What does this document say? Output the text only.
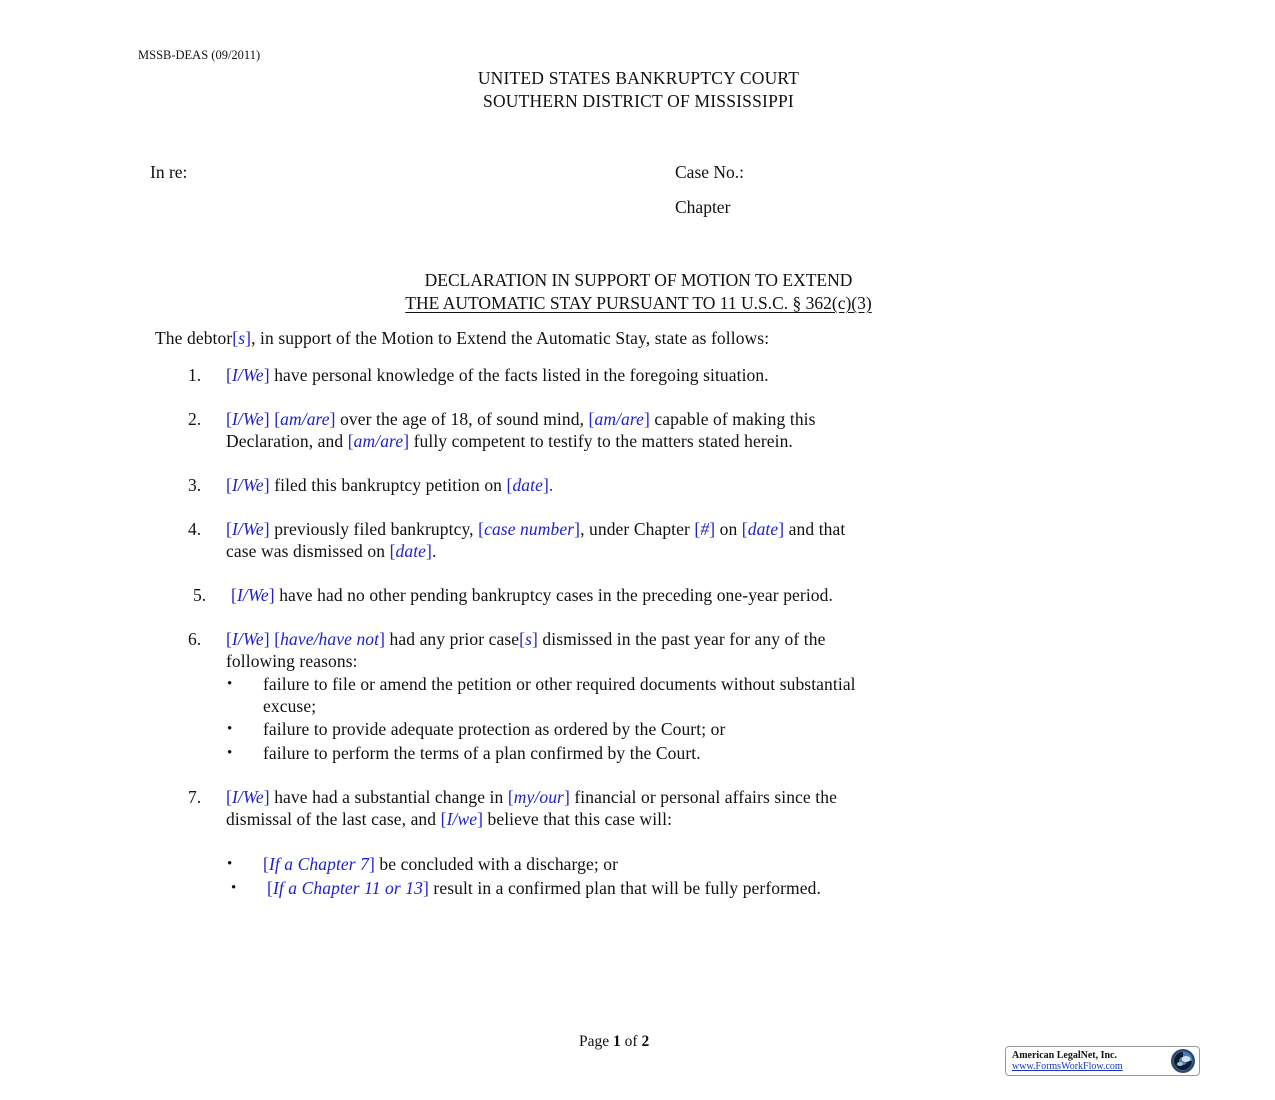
MSSB-DEAS (09/2011)
UNITED STATES BANKRUPTCY COURT
SOUTHERN DISTRICT OF MISSISSIPPI
In re:	Case No.:
Chapter
DECLARATION IN SUPPORT OF MOTION TO EXTEND
THE AUTOMATIC STAY PURSUANT TO 11 U.S.C. § 362(c)(3)
The debtor[s], in support of the Motion to Extend the Automatic Stay, state as follows:
1. [I/We] have personal knowledge of the facts listed in the foregoing situation.
2. [I/We] [am/are] over the age of 18, of sound mind, [am/are] capable of making this
Declaration, and [am/are] fully competent to testify to the matters stated herein.
3. [I/We] filed this bankruptcy petition on [date].
4. [I/We] previously filed bankruptcy, [case number], under Chapter [#] on [date] and that
case was dismissed on [date].
5. [I/We] have had no other pending bankruptcy cases in the preceding one-year period.
6. [I/We] [have/have not] had any prior case[s] dismissed in the past year for any of the
following reasons:
• failure to file or amend the petition or other required documents without substantial
excuse;
• failure to provide adequate protection as ordered by the Court; or
• failure to perform the terms of a plan confirmed by the Court.
7. [I/We] have had a substantial change in [my/our] financial or personal affairs since the
dismissal of the last case, and [I/we] believe that this case will:
• [If a Chapter 7] be concluded with a discharge; or
• [If a Chapter 11 or 13] result in a confirmed plan that will be fully performed.
Page 1 of 2
American LegalNet, Inc.
www.FormsWorkFlow.com
